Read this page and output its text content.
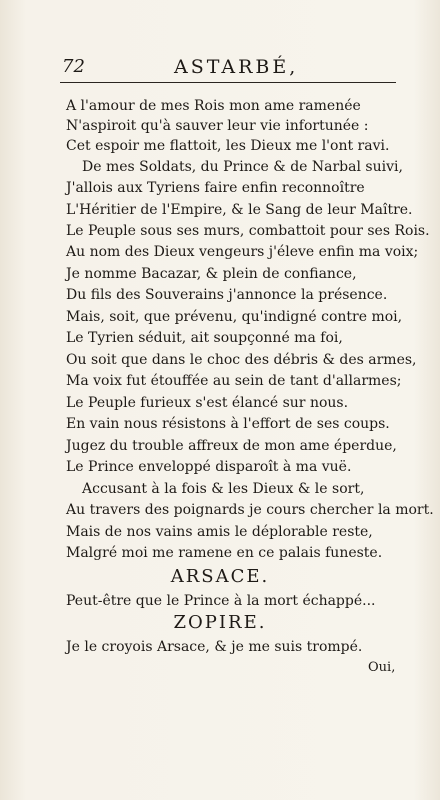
72	ASTARBÉ,
A l'amour de mes Rois mon ame ramenée
N'aspiroit qu'à sauver leur vie infortunée :
Cet espoir me flattoit, les Dieux me l'ont ravi.
De mes Soldats, du Prince & de Narbal suivi,
J'allois aux Tyriens faire enfin reconnoître
L'Héritier de l'Empire, & le Sang de leur Maître.
Le Peuple sous ses murs, combattoit pour ses Rois.
Au nom des Dieux vengeurs j'éleve enfin ma voix;
Je nomme Bacazar, & plein de confiance,
Du fils des Souverains j'annonce la présence.
Mais, soit, que prévenu, qu'indigné contre moi,
Le Tyrien séduit, ait soupçonné ma foi,
Ou soit que dans le choc des débris & des armes,
Ma voix fut étouffée au sein de tant d'allarmes;
Le Peuple furieux s'est élancé sur nous.
En vain nous résistons à l'effort de ses coups.
Jugez du trouble affreux de mon ame éperdue,
Le Prince enveloppé disparoît à ma vuë.
Accusant à la fois & les Dieux & le sort,
Au travers des poignards je cours chercher la mort.
Mais de nos vains amis le déplorable reste,
Malgré moi me ramene en ce palais funeste.
ARSACE.
Peut-être que le Prince à la mort échappé...
ZOPIRE.
Je le croyois Arsace, & je me suis trompé.
Oui,
